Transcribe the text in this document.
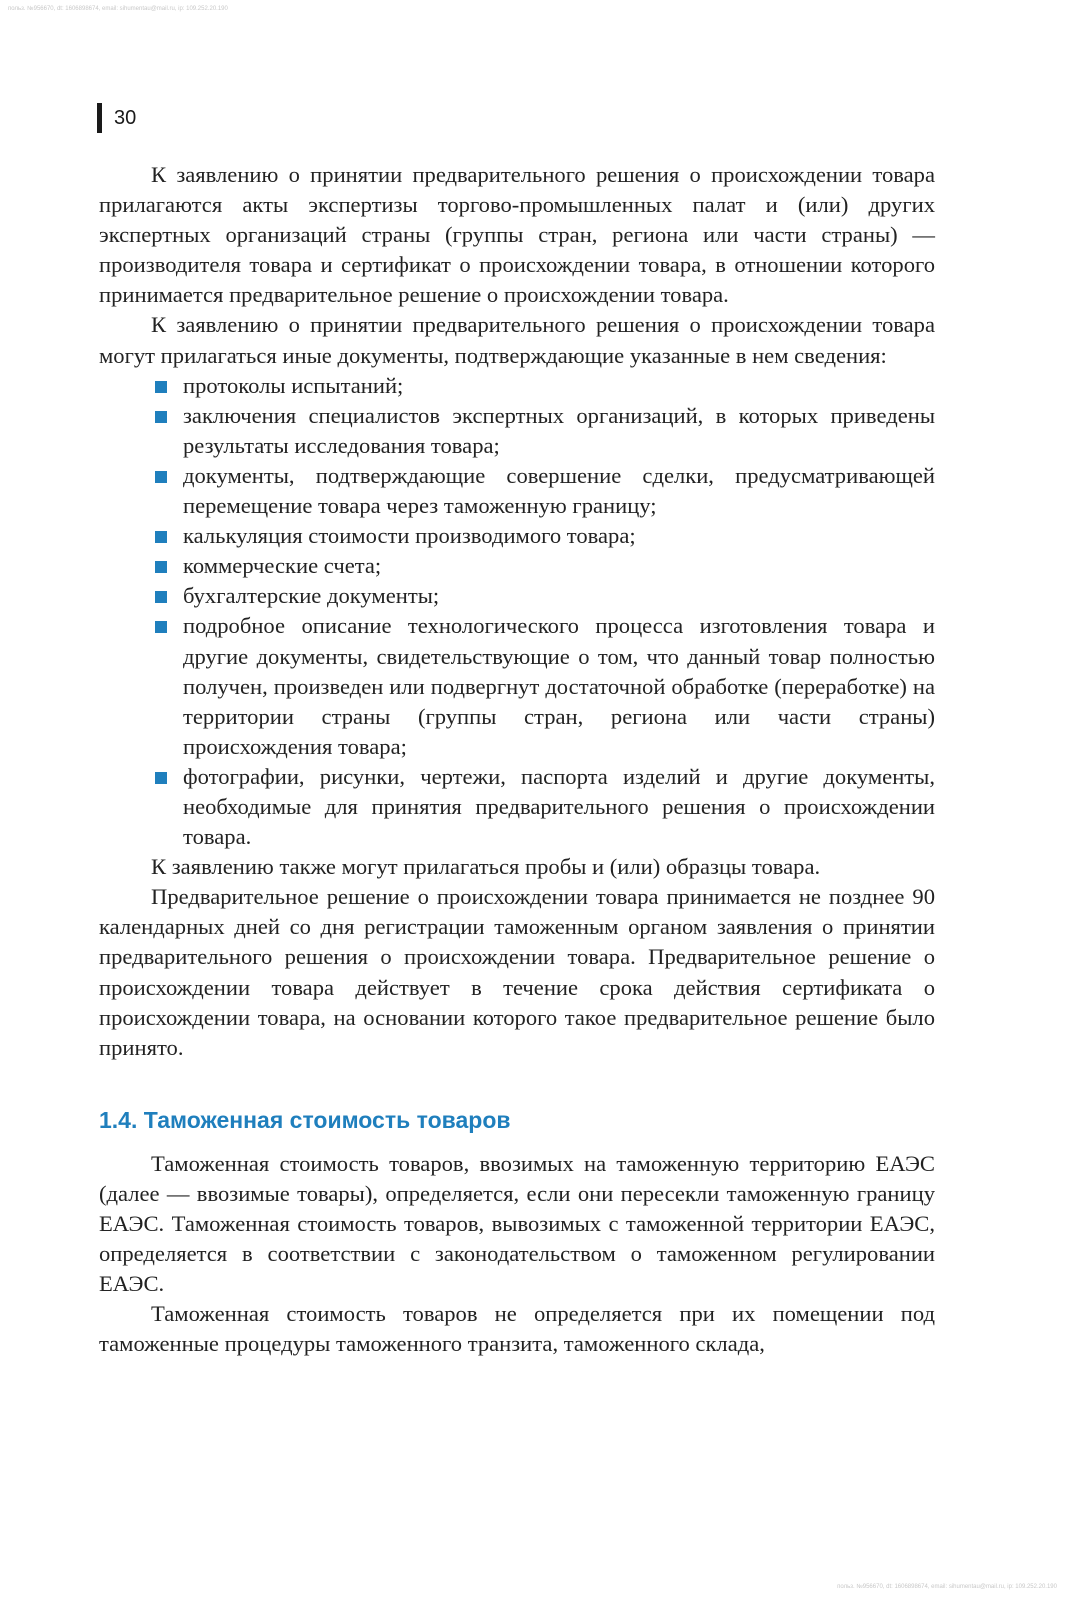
польз. №956670, dt: 1606898674, email: sihumentau@mail.ru, ip: 109.252.20.190
30

К заявлению о принятии предварительного решения о происхождении товара прилагаются акты экспертизы торгово-промышленных палат и (или) других экспертных организаций страны (группы стран, региона или части страны) — производителя товара и сертификат о происхождении товара, в отношении которого принимается предварительное решение о происхождении товара.

К заявлению о принятии предварительного решения о происхождении товара могут прилагаться иные документы, подтверждающие указанные в нем сведения:

протоколы испытаний;
заключения специалистов экспертных организаций, в которых приведены результаты исследования товара;
документы, подтверждающие совершение сделки, предусматривающей перемещение товара через таможенную границу;
калькуляция стоимости производимого товара;
коммерческие счета;
бухгалтерские документы;
подробное описание технологического процесса изготовления товара и другие документы, свидетельствующие о том, что данный товар полностью получен, произведен или подвергнут достаточной обработке (переработке) на территории страны (группы стран, региона или части страны) происхождения товара;
фотографии, рисунки, чертежи, паспорта изделий и другие документы, необходимые для принятия предварительного решения о происхождении товара.

К заявлению также могут прилагаться пробы и (или) образцы товара.

Предварительное решение о происхождении товара принимается не позднее 90 календарных дней со дня регистрации таможенным органом заявления о принятии предварительного решения о происхождении товара. Предварительное решение о происхождении товара действует в течение срока действия сертификата о происхождении товара, на основании которого такое предварительное решение было принято.

1.4. Таможенная стоимость товаров

Таможенная стоимость товаров, ввозимых на таможенную территорию ЕАЭС (далее — ввозимые товары), определяется, если они пересекли таможенную границу ЕАЭС. Таможенная стоимость товаров, вывозимых с таможенной территории ЕАЭС, определяется в соответствии с законодательством о таможенном регулировании ЕАЭС.

Таможенная стоимость товаров не определяется при их помещении под таможенные процедуры таможенного транзита, таможенного склада,

польз. №956670, dt: 1606898674, email: sihumentau@mail.ru, ip: 109.252.20.190
